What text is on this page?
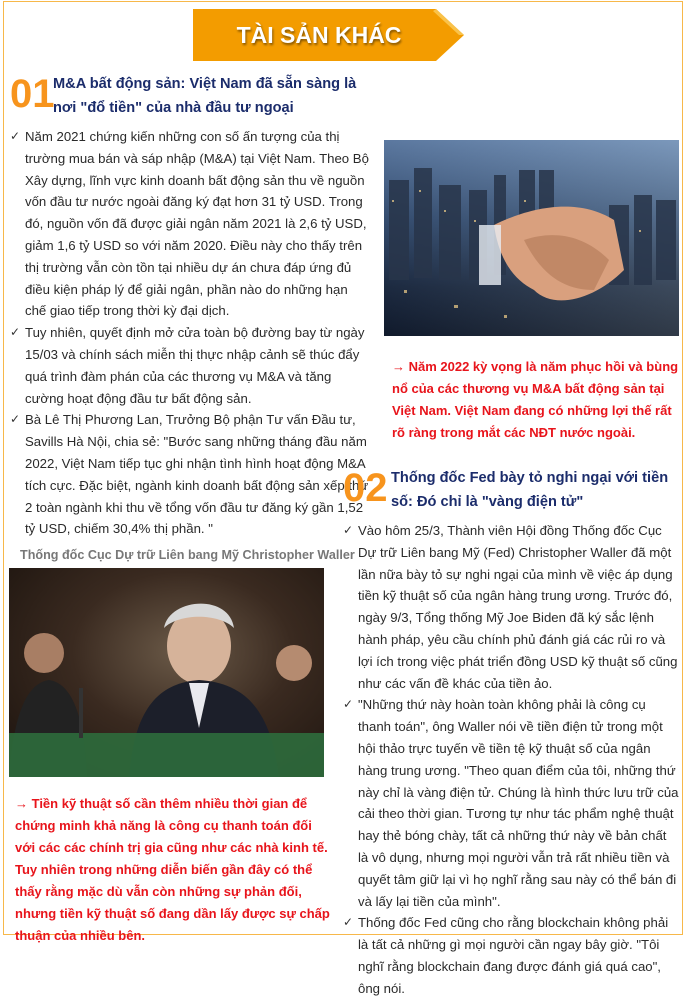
TÀI SẢN KHÁC
01
M&A bất động sản: Việt Nam đã sẵn sàng là nơi "đổ tiền" của nhà đầu tư ngoại
✓ Năm 2021 chứng kiến những con số ấn tượng của thị trường mua bán và sáp nhập (M&A) tại Việt Nam. Theo Bộ Xây dựng, lĩnh vực kinh doanh bất động sản thu về nguồn vốn đầu tư nước ngoài đăng ký đạt hơn 31 tỷ USD. Trong đó, nguồn vốn đã được giải ngân năm 2021 là 2,6 tỷ USD, giảm 1,6 tỷ USD so với năm 2020. Điều này cho thấy trên thị trường vẫn còn tồn tại nhiều dự án chưa đáp ứng đủ điều kiện pháp lý để giải ngân, phần nào do những hạn chế giao tiếp trong thời kỳ đại dịch.
✓ Tuy nhiên, quyết định mở cửa toàn bộ đường bay từ ngày 15/03 và chính sách miễn thị thực nhập cảnh sẽ thúc đẩy quá trình đàm phán của các thương vụ M&A và tăng cường hoạt động đầu tư bất động sản.
✓ Bà Lê Thị Phương Lan, Trưởng Bộ phận Tư vấn Đầu tư, Savills Hà Nội, chia sẻ: "Bước sang những tháng đầu năm 2022, Việt Nam tiếp tục ghi nhận tình hình hoạt động M&A tích cực. Đặc biệt, ngành kinh doanh bất động sản xếp thứ 2 toàn ngành khi thu về tổng vốn đầu tư đăng ký gần 1,52 tỷ USD, chiếm 30,4% thị phần. "
Thống đốc Cục Dự trữ Liên bang Mỹ Christopher Waller
→ Tiền kỹ thuật số cần thêm nhiều thời gian để chứng minh khả năng là công cụ thanh toán đối với các các chính trị gia cũng như các nhà kinh tế. Tuy nhiên trong những diễn biến gần đây có thể thấy rằng mặc dù vẫn còn những sự phản đối, nhưng tiền kỹ thuật số đang dần lấy được sự chấp thuận của nhiều bên.
→ Năm 2022 kỳ vọng là năm phục hồi và bùng nổ của các thương vụ M&A bất động sản tại Việt Nam. Việt Nam đang có những lợi thế rất rõ ràng trong mắt các NĐT nước ngoài.
02 Thống đốc Fed bày tỏ nghi ngại với tiền số: Đó chỉ là "vàng điện tử"
✓ Vào hôm 25/3, Thành viên Hội đồng Thống đốc Cục Dự trữ Liên bang Mỹ (Fed) Christopher Waller đã một lần nữa bày tỏ sự nghi ngại của mình về việc áp dụng tiền kỹ thuật số của ngân hàng trung ương. Trước đó, ngày 9/3, Tổng thống Mỹ Joe Biden đã ký sắc lệnh hành pháp, yêu cầu chính phủ đánh giá các rủi ro và lợi ích trong việc phát triển đồng USD kỹ thuật số cũng như các vấn đề khác của tiền ảo.
✓ "Những thứ này hoàn toàn không phải là công cụ thanh toán", ông Waller nói về tiền điện tử trong một hội thảo trực tuyến về tiền tệ kỹ thuật số của ngân hàng trung ương. "Theo quan điểm của tôi, những thứ này chỉ là vàng điện tử. Chúng là hình thức lưu trữ của cải theo thời gian. Tương tự như tác phẩm nghệ thuật hay thẻ bóng chày, tất cả những thứ này về bản chất là vô dụng, nhưng mọi người vẫn trả rất nhiều tiền và quyết tâm giữ lại vì họ nghĩ rằng sau này có thể bán đi và lấy lại tiền của mình".
✓ Thống đốc Fed cũng cho rằng blockchain không phải là tất cả những gì mọi người cần ngay bây giờ. "Tôi nghĩ rằng blockchain đang được đánh giá quá cao", ông nói.
